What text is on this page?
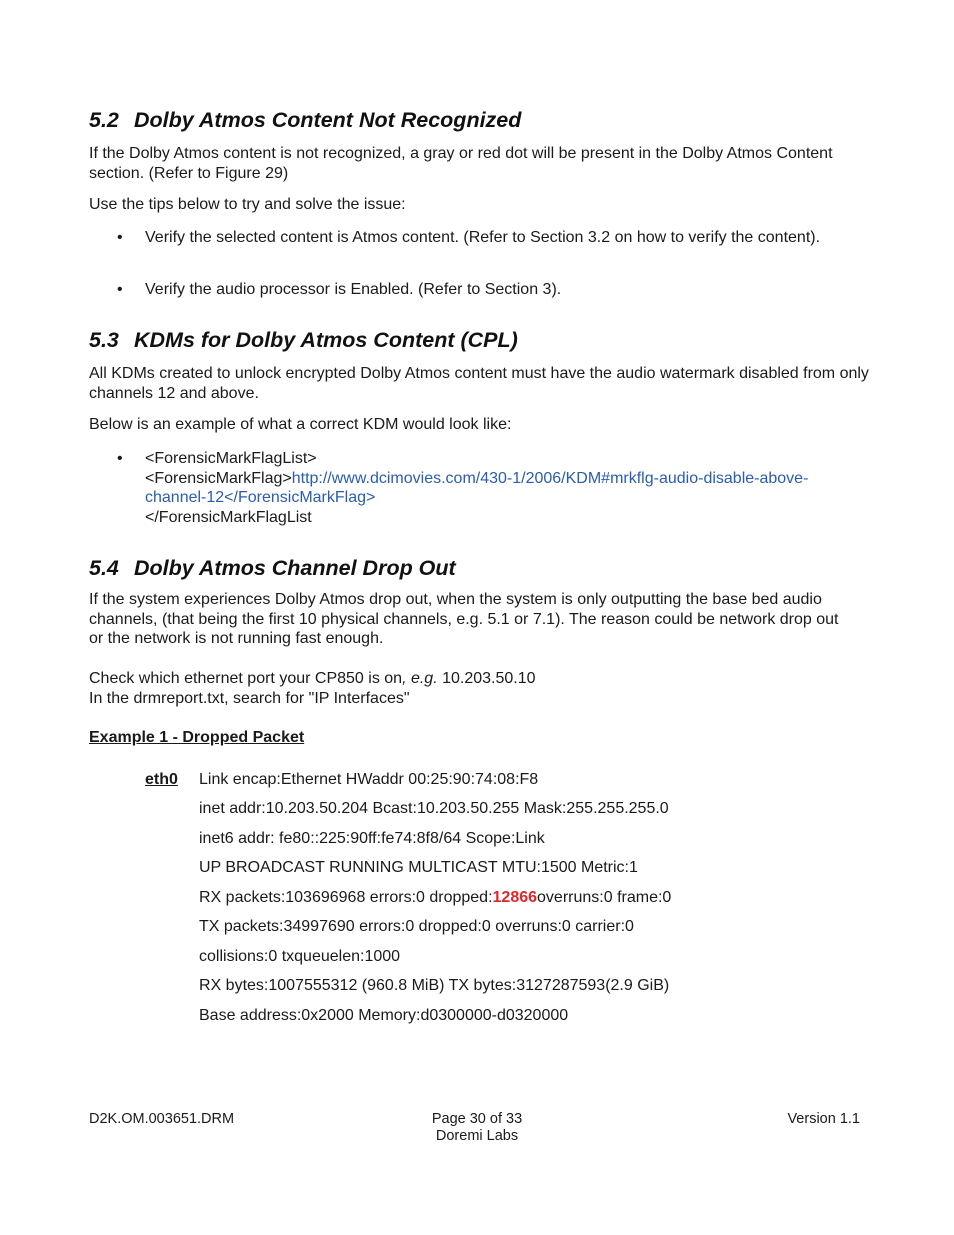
5.2 Dolby Atmos Content Not Recognized

If the Dolby Atmos content is not recognized, a gray or red dot will be present in the Dolby Atmos Content section. (Refer to Figure 29)

Use the tips below to try and solve the issue:

• Verify the selected content is Atmos content. (Refer to Section 3.2 on how to verify the content).
• Verify the audio processor is Enabled. (Refer to Section 3).
5.3 KDMs for Dolby Atmos Content (CPL)

All KDMs created to unlock encrypted Dolby Atmos content must have the audio watermark disabled from only channels 12 and above.

Below is an example of what a correct KDM would look like:

• <ForensicMarkFlagList>
<ForensicMarkFlag>http://www.dcimovies.com/430-1/2006/KDM#mrkflg-audio-disable-above-channel-12</ForensicMarkFlag>
</ForensicMarkFlagList
5.4 Dolby Atmos Channel Drop Out

If the system experiences Dolby Atmos drop out, when the system is only outputting the base bed audio channels, (that being the first 10 physical channels, e.g. 5.1 or 7.1). The reason could be network drop out or the network is not running fast enough.

Check which ethernet port your CP850 is on, e.g. 10.203.50.10
In the drmreport.txt, search for "IP Interfaces"

Example 1 - Dropped Packet

eth0 Link encap:Ethernet HWaddr 00:25:90:74:08:F8
inet addr:10.203.50.204 Bcast:10.203.50.255 Mask:255.255.255.0
inet6 addr: fe80::225:90ff:fe74:8f8/64 Scope:Link
UP BROADCAST RUNNING MULTICAST MTU:1500 Metric:1
RX packets:103696968 errors:0 dropped:12866overruns:0 frame:0
TX packets:34997690 errors:0 dropped:0 overruns:0 carrier:0
collisions:0 txqueuelen:1000
RX bytes:1007555312 (960.8 MiB) TX bytes:3127287593(2.9 GiB)
Base address:0x2000 Memory:d0300000-d0320000
D2K.OM.003651.DRM	Page 30 of 33
Doremi Labs
Version 1.1
